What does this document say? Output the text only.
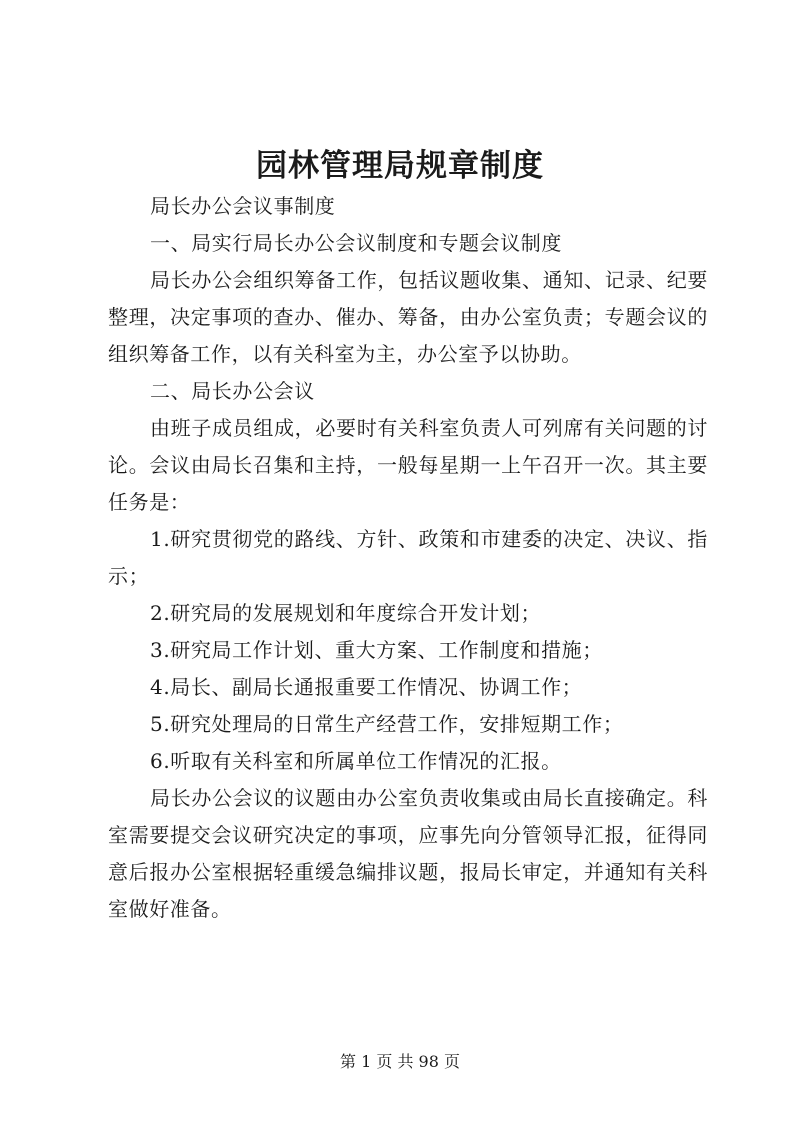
园林管理局规章制度

局长办公会议事制度

一、局实行局长办公会议制度和专题会议制度

局长办公会组织筹备工作，包括议题收集、通知、记录、纪要整理，决定事项的查办、催办、筹备，由办公室负责；专题会议的组织筹备工作，以有关科室为主，办公室予以协助。

二、局长办公会议

由班子成员组成，必要时有关科室负责人可列席有关问题的讨论。会议由局长召集和主持，一般每星期一上午召开一次。其主要任务是：

1.研究贯彻党的路线、方针、政策和市建委的决定、决议、指示；

2.研究局的发展规划和年度综合开发计划；

3.研究局工作计划、重大方案、工作制度和措施；

4.局长、副局长通报重要工作情况、协调工作；

5.研究处理局的日常生产经营工作，安排短期工作；

6.听取有关科室和所属单位工作情况的汇报。

局长办公会议的议题由办公室负责收集或由局长直接确定。科室需要提交会议研究决定的事项，应事先向分管领导汇报，征得同意后报办公室根据轻重缓急编排议题，报局长审定，并通知有关科室做好准备。

第 1 页 共 98 页
